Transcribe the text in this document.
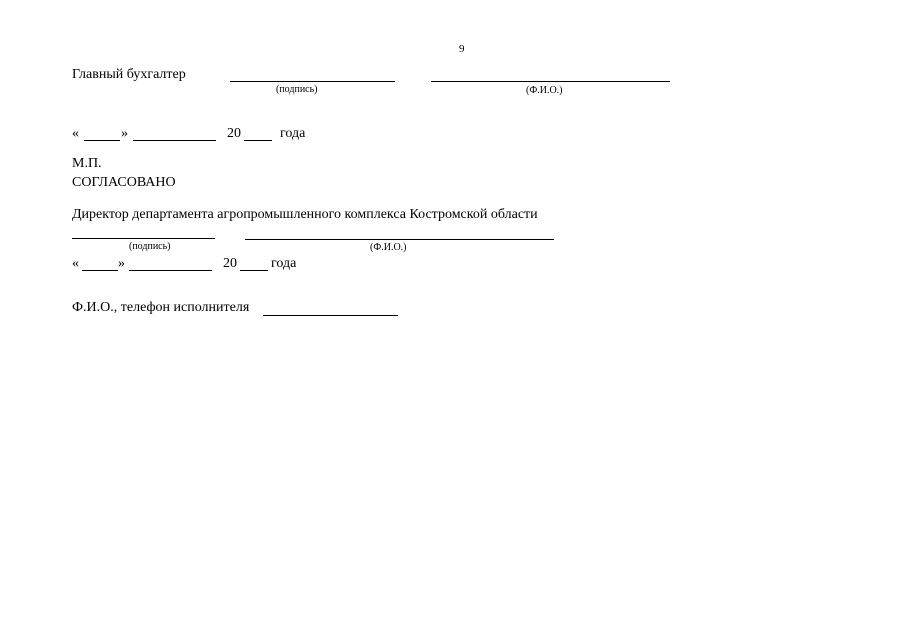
9
Главный бухгалтер
(подпись)	(Ф.И.О.)
«	»	20	года
М.П.
СОГЛАСОВАНО
Директор департамента агропромышленного комплекса Костромской области
(подпись)	(Ф.И.О.)
«	»	20 года
Ф.И.О., телефон исполнителя
